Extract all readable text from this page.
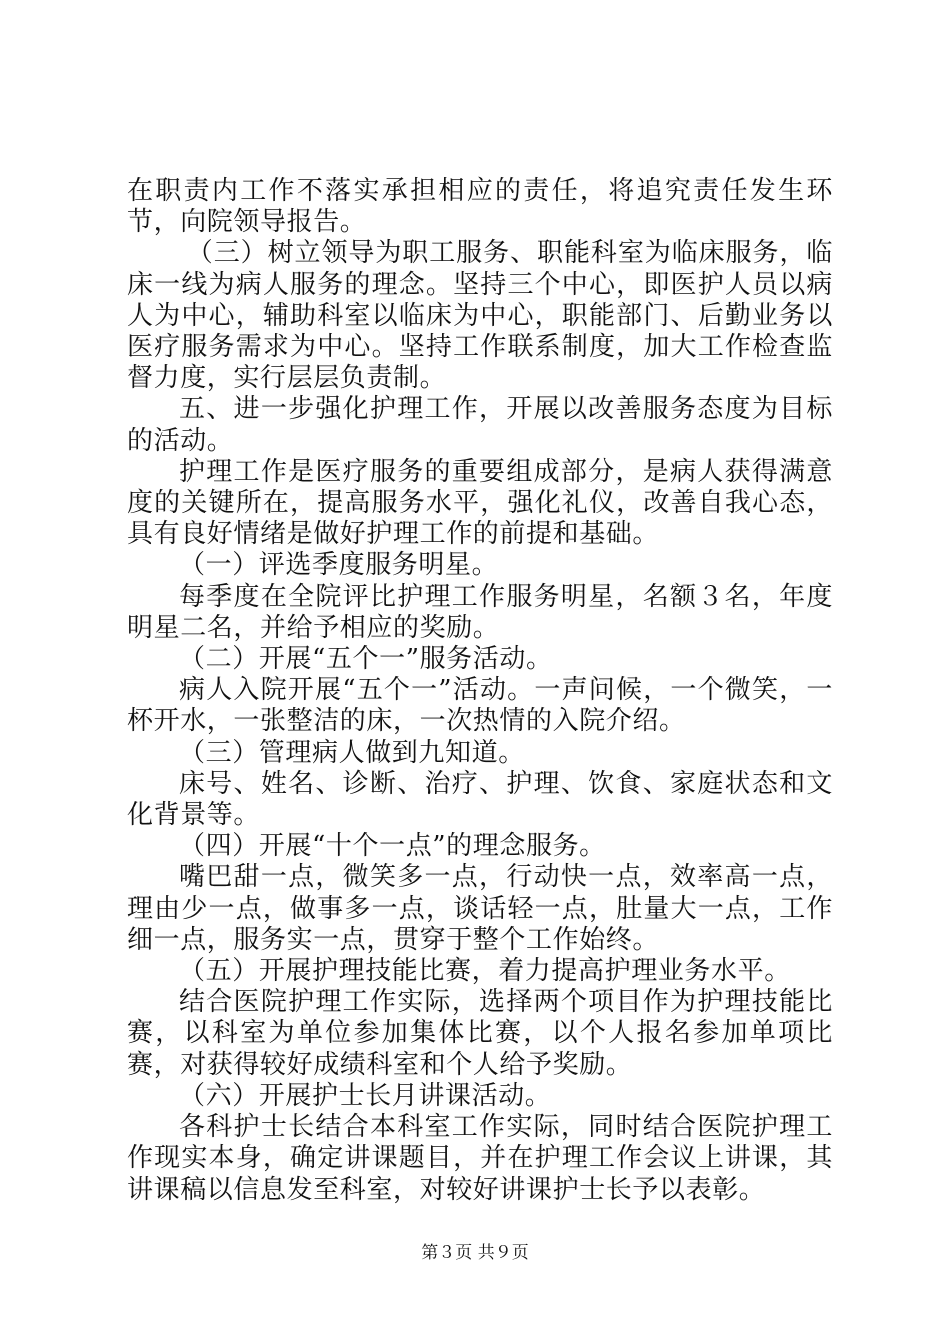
在职责内工作不落实承担相应的责任，将追究责任发生环节，向院领导报告。

（三）树立领导为职工服务、职能科室为临床服务，临床一线为病人服务的理念。坚持三个中心，即医护人员以病人为中心，辅助科室以临床为中心，职能部门、后勤业务以医疗服务需求为中心。坚持工作联系制度，加大工作检查监督力度，实行层层负责制。

五、进一步强化护理工作，开展以改善服务态度为目标的活动。

护理工作是医疗服务的重要组成部分，是病人获得满意度的关键所在，提高服务水平，强化礼仪，改善自我心态，具有良好情绪是做好护理工作的前提和基础。

（一）评选季度服务明星。

每季度在全院评比护理工作服务明星，名额３名，年度明星二名，并给予相应的奖励。

（二）开展“五个一”服务活动。

病人入院开展“五个一”活动。一声问候，一个微笑，一杯开水，一张整洁的床，一次热情的入院介绍。

（三）管理病人做到九知道。

床号、姓名、诊断、治疗、护理、饮食、家庭状态和文化背景等。

（四）开展“十个一点”的理念服务。

嘴巴甜一点，微笑多一点，行动快一点，效率高一点，理由少一点，做事多一点，谈话轻一点，肚量大一点，工作细一点，服务实一点，贯穿于整个工作始终。

（五）开展护理技能比赛，着力提高护理业务水平。

结合医院护理工作实际，选择两个项目作为护理技能比赛，以科室为单位参加集体比赛，以个人报名参加单项比赛，对获得较好成绩科室和个人给予奖励。

（六）开展护士长月讲课活动。

各科护士长结合本科室工作实际，同时结合医院护理工作现实本身，确定讲课题目，并在护理工作会议上讲课，其讲课稿以信息发至科室，对较好讲课护士长予以表彰。

第３页 共９页
